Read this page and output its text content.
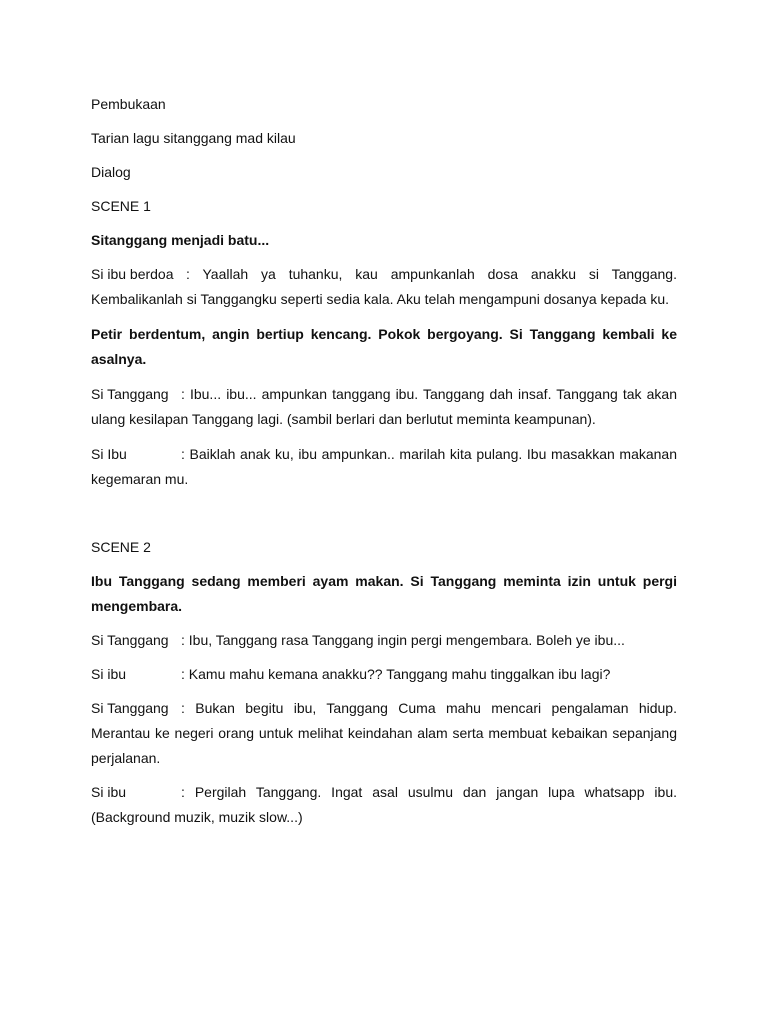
Pembukaan

Tarian lagu sitanggang mad kilau

Dialog

SCENE 1

Sitanggang menjadi batu...

Si ibu berdoa : Yaallah ya tuhanku, kau ampunkanlah dosa anakku si Tanggang. Kembalikanlah si Tanggangku seperti sedia kala. Aku telah mengampuni dosanya kepada ku.

Petir berdentum, angin bertiup kencang. Pokok bergoyang. Si Tanggang kembali ke asalnya.

Si Tanggang : Ibu... ibu... ampunkan tanggang ibu. Tanggang dah insaf. Tanggang tak akan ulang kesilapan Tanggang lagi. (sambil berlari dan berlutut meminta keampunan).

Si Ibu	: Baiklah anak ku, ibu ampunkan.. marilah kita pulang. Ibu masakkan makanan kegemaran mu.

SCENE 2

Ibu Tanggang sedang memberi ayam makan. Si Tanggang meminta izin untuk pergi mengembara.

Si Tanggang : Ibu, Tanggang rasa Tanggang ingin pergi mengembara. Boleh ye ibu...

Si ibu	: Kamu mahu kemana anakku?? Tanggang mahu tinggalkan ibu lagi?

Si Tanggang : Bukan begitu ibu, Tanggang Cuma mahu mencari pengalaman hidup. Merantau ke negeri orang untuk melihat keindahan alam serta membuat kebaikan sepanjang perjalanan.

Si ibu	: Pergilah Tanggang. Ingat asal usulmu dan jangan lupa whatsapp ibu. (Background muzik, muzik slow...)
